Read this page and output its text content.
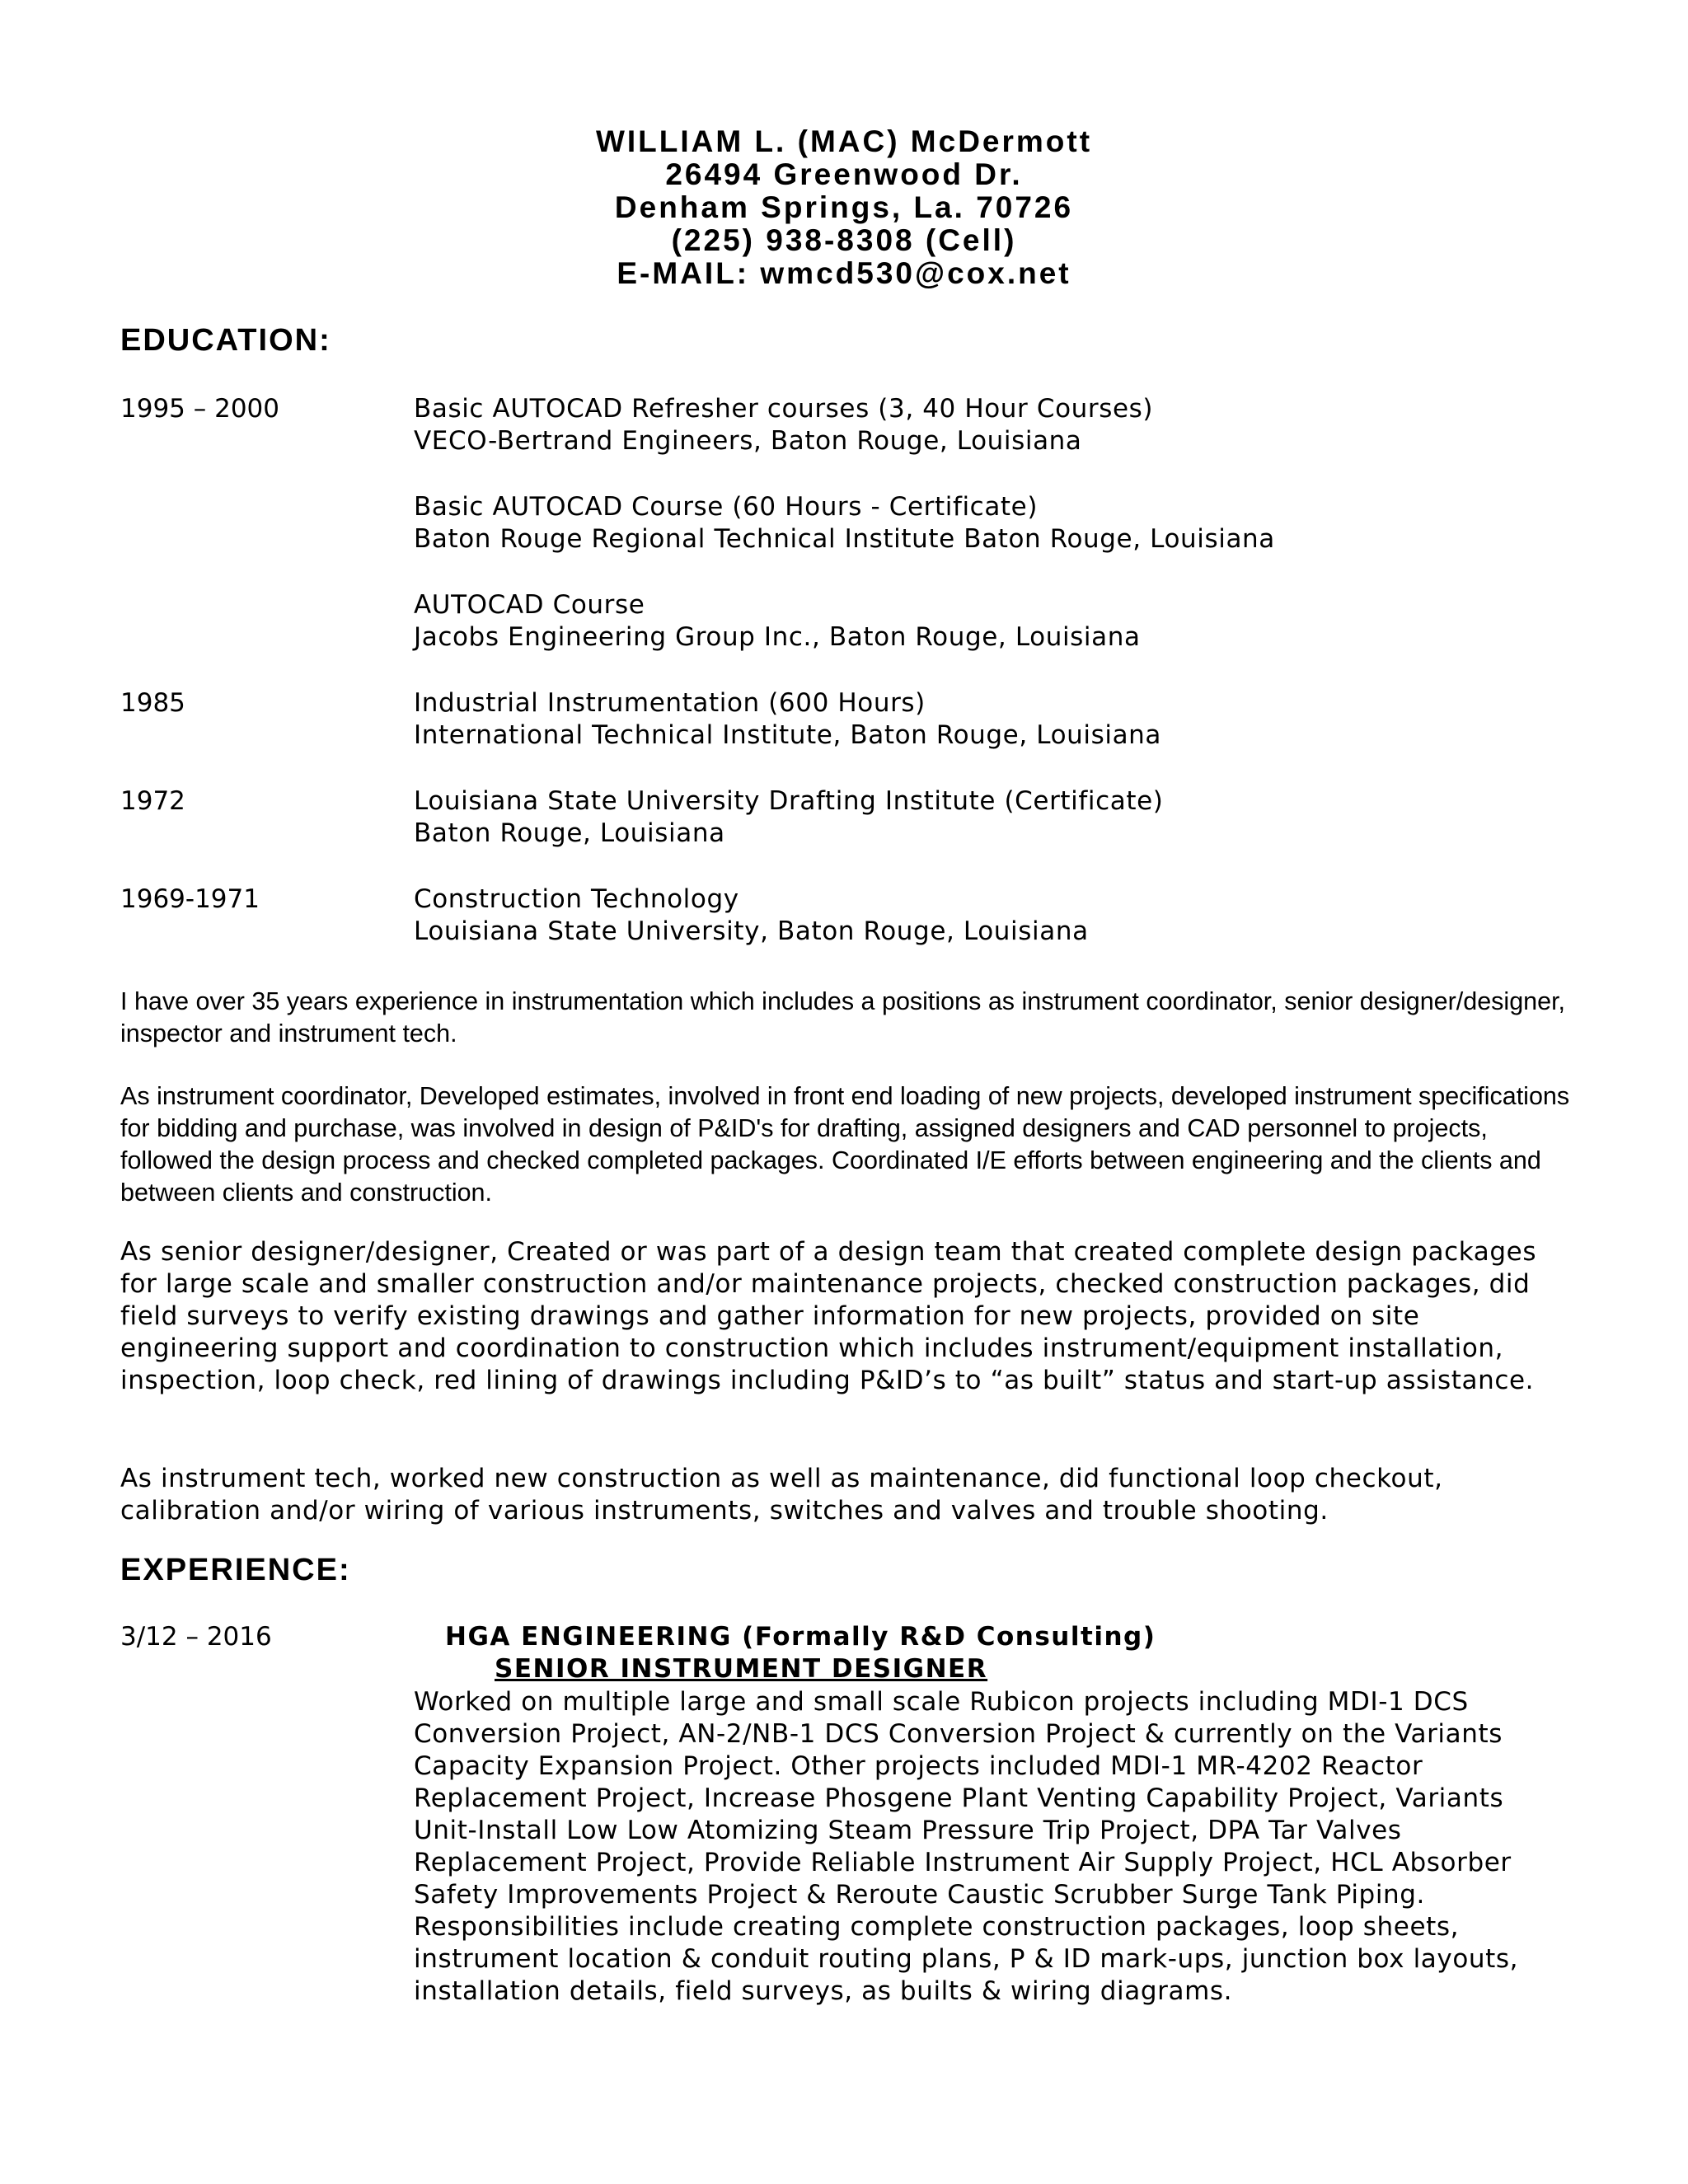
WILLIAM L. (MAC) McDermott
26494 Greenwood Dr.
Denham Springs, La. 70726
(225) 938-8308 (Cell)
E-MAIL: wmcd530@cox.net
EDUCATION:
1995 – 2000	Basic AUTOCAD Refresher courses (3, 40 Hour Courses)
VECO-Bertrand Engineers, Baton Rouge, Louisiana
Basic AUTOCAD Course (60 Hours - Certificate)
Baton Rouge Regional Technical Institute Baton Rouge, Louisiana
AUTOCAD Course
Jacobs Engineering Group Inc., Baton Rouge, Louisiana
1985	Industrial Instrumentation (600 Hours)
International Technical Institute, Baton Rouge, Louisiana
1972	Louisiana State University Drafting Institute (Certificate)
Baton Rouge, Louisiana
1969-1971	Construction Technology
Louisiana State University, Baton Rouge, Louisiana

I have over 35 years experience in instrumentation which includes a positions as instrument coordinator, senior designer/designer, inspector and instrument tech.

As instrument coordinator, Developed estimates, involved in front end loading of new projects, developed instrument specifications for bidding and purchase, was involved in design of P&ID's for drafting, assigned designers and CAD personnel to projects, followed the design process and checked completed packages. Coordinated I/E efforts between engineering and the clients and between clients and construction.

As senior designer/designer, Created or was part of a design team that created complete design packages for large scale and smaller construction and/or maintenance projects, checked construction packages, did field surveys to verify existing drawings and gather information for new projects, provided on site engineering support and coordination to construction which includes instrument/equipment installation, inspection, loop check, red lining of drawings including P&ID’s to “as built” status and start-up assistance.

As instrument tech, worked new construction as well as maintenance, did functional loop checkout, calibration and/or wiring of various instruments, switches and valves and trouble shooting.

EXPERIENCE:
3/12 – 2016	HGA ENGINEERING (Formally R&D Consulting)
SENIOR INSTRUMENT DESIGNER

Worked on multiple large and small scale Rubicon projects including MDI-1 DCS Conversion Project, AN-2/NB-1 DCS Conversion Project & currently on the Variants Capacity Expansion Project. Other projects included MDI-1 MR-4202 Reactor Replacement Project, Increase Phosgene Plant Venting Capability Project, Variants Unit-Install Low Low Atomizing Steam Pressure Trip Project, DPA Tar Valves Replacement Project, Provide Reliable Instrument Air Supply Project, HCL Absorber Safety Improvements Project & Reroute Caustic Scrubber Surge Tank Piping. Responsibilities include creating complete construction packages, loop sheets, instrument location & conduit routing plans, P & ID mark-ups, junction box layouts, installation details, field surveys, as builts & wiring diagrams.
